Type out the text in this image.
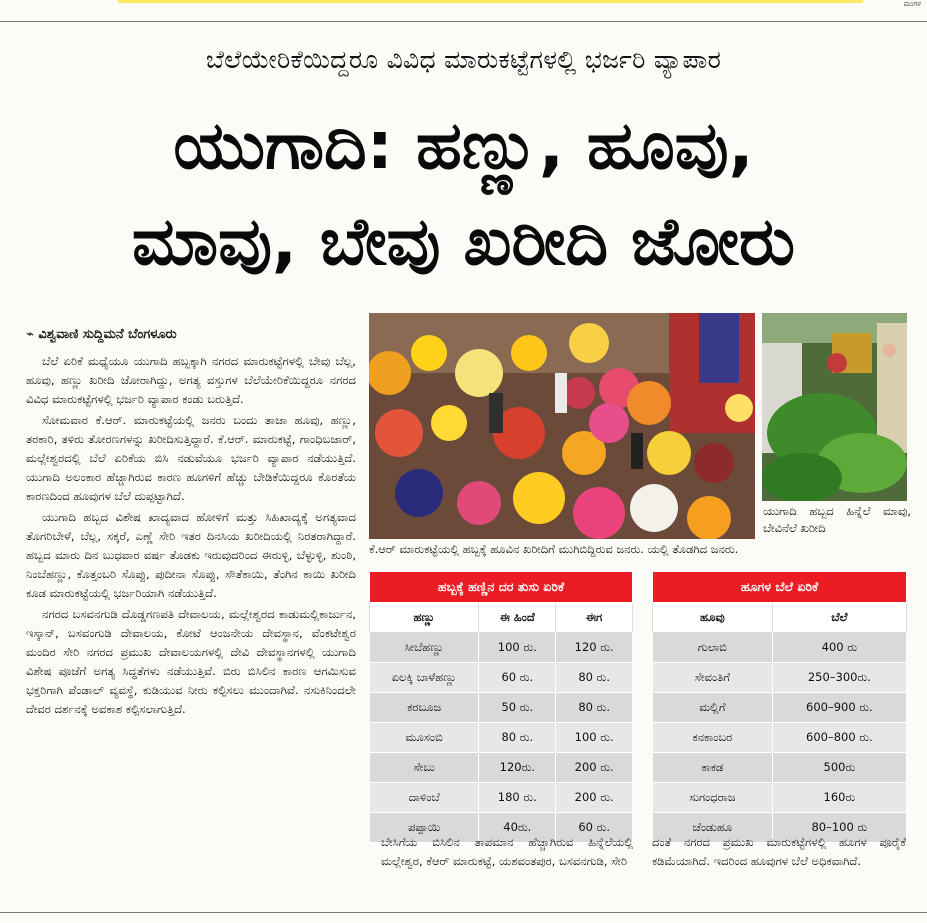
ಮಂಗಳ
ಬೆಲೆಯೇರಿಕೆಯಿದ್ದರೂ ವಿವಿಧ ಮಾರುಕಟ್ಟೆಗಳಲ್ಲಿ ಭರ್ಜರಿ ವ್ಯಾಪಾರ
ಯುಗಾದಿ: ಹಣ್ಣು, ಹೂವು,
ಮಾವು, ಬೇವು ಖರೀದಿ ಜೋರು
⌁ ವಿಶ್ವವಾಣಿ ಸುದ್ದಿಮನೆ ಬೆಂಗಳೂರು

ಬೆಲೆ ಏರಿಕೆ ಮಧ್ಯೆಯೂ ಯುಗಾದಿ ಹಬ್ಬಕ್ಕಾಗಿ ನಗರದ ಮಾರುಕಟ್ಟೆಗಳಲ್ಲಿ ಬೇವು ಬೆಲ್ಲ, ಹೂವು, ಹಣ್ಣು ಖರೀದಿ ಜೋರಾಗಿದ್ದು, ಅಗತ್ಯ ವಸ್ತುಗಳ ಬೆಲೆಯೇರಿಕೆಯಿದ್ದರೂ ನಗರದ ವಿವಿಧ ಮಾರುಕಟ್ಟೆಗಳಲ್ಲಿ ಭರ್ಜರಿ ವ್ಯಾಪಾರ ಕಂಡು ಬರುತ್ತಿದೆ.

ಸೋಮವಾರ ಕೆ.ಆರ್. ಮಾರುಕಟ್ಟೆಯಲ್ಲಿ ಜನರು ಬಂದು ತಾಜಾ ಹೂವು, ಹಣ್ಣು, ತರಕಾರಿ, ತಳಿರು ತೋರಣಗಳನ್ನು ಖರೀದಿಸುತ್ತಿದ್ದಾರೆ. ಕೆ.ಆರ್. ಮಾರುಕಟ್ಟೆ, ಗಾಂಧಿಬಜಾರ್, ಮಲ್ಲೇಶ್ವರದಲ್ಲಿ ಬೆಲೆ ಏರಿಕೆಯ ಬಿಸಿ ನಡುವೆಯೂ ಭರ್ಜರಿ ವ್ಯಾಪಾರ ನಡೆಯುತ್ತಿದೆ. ಯುಗಾದಿ ಅಲಂಕಾರ ಹೆಚ್ಚಾಗಿರುವ ಕಾರಣ ಹೂಗಳಿಗೆ ಹೆಚ್ಚು ಬೇಡಿಕೆಯಿದ್ದರೂ ಕೊರತೆಯ ಕಾರಣದಿಂದ ಹೂವುಗಳ ಬೆಲೆ ದುಪ್ಪಟ್ಟಾಗಿದೆ.

ಯುಗಾದಿ ಹಬ್ಬದ ವಿಶೇಷ ಖಾದ್ಯವಾದ ಹೋಳಿಗೆ ಮತ್ತು ಸಿಹಿಖಾದ್ಯಕ್ಕೆ ಅಗತ್ಯವಾದ ತೊಗರಿಬೇಳೆ, ಬೆಲ್ಲ, ಸಕ್ಕರೆ, ಎಣ್ಣೆ ಸೇರಿ ಇತರ ದಿನಸಿಯ ಖರೀದಿಯಲ್ಲಿ ನಿರತರಾಗಿದ್ದಾರೆ. ಹಬ್ಬದ ಮಾರು ದಿನ ಬುಧವಾರ ವರ್ಷ ತೊಡಕು ಇರುವುದರಿಂದ ಈರುಳ್ಳಿ, ಬೆಳ್ಳುಳ್ಳಿ, ಶುಂಠಿ, ನಿಂಬೆಹಣ್ಣು, ಕೊತ್ತಂಬರಿ ಸೊಪ್ಪು, ಪುದೀನಾ ಸೊಪ್ಪು, ಸೌತೆಕಾಯಿ, ತೆಂಗಿನ ಕಾಯಿ ಖರೀದಿ ಕೂಡ ಮಾರುಕಟ್ಟೆಯಲ್ಲಿ ಭರ್ಜರಿಯಾಗಿ ನಡೆಯುತ್ತಿದೆ.

ನಗರದ ಬಸವನಗುಡಿ ದೊಡ್ಡಗಣಪತಿ ದೇವಾಲಯ, ಮಲ್ಲೇಶ್ವರದ ಕಾಡುಮಲ್ಲಿಕಾರ್ಜುನ, ಇಸ್ಕಾನ್, ಬಸವಂಗುಡಿ ದೇವಾಲಯ, ಕೋಟೆ ಆಂಜನೇಯ ದೇವಸ್ಥಾನ, ವೆಂಕಟೇಶ್ವರ ಮಂದಿರ ಸೇರಿ ನಗರದ ಪ್ರಮುಖ ದೇವಾಲಯಗಳಲ್ಲಿ ದೇವಿ ದೇವಸ್ಥಾನಗಳಲ್ಲಿ ಯುಗಾದಿ ವಿಶೇಷ ಪೂಜೆಗೆ ಅಗತ್ಯ ಸಿದ್ಧತೆಗಳು ನಡೆಯುತ್ತಿವೆ. ಬಿರು ಬಿಸಿಲಿನ ಕಾರಣ ಆಗಮಿಸುವ ಭಕ್ತರಿಗಾಗಿ ಪೆಂಡಾಲ್ ವ್ಯವಸ್ಥೆ, ಕುಡಿಯುವ ನೀರು ಕಲ್ಪಿಸಲು ಮುಂದಾಗಿವೆ. ನಸುಕಿನಿಂದಲೇ ದೇವರ ದರ್ಶನಕ್ಕೆ ಅವಕಾಶ ಕಲ್ಪಿಸಲಾಗುತ್ತಿದೆ.

ಯುಗಾದಿ ಹಬ್ಬದ ಹಿನ್ನೆಲೆ ಮಾವು, ಬೇವಿನೆಲೆ ಖರೀದಿ
ಕೆ.ಆರ್ ಮಾರುಕಟ್ಟೆಯಲ್ಲಿ ಹಬ್ಬಕ್ಕೆ ಹೂವಿನ ಖರೀದಿಗೆ ಮುಗಿಬಿದ್ದಿರುವ ಜನರು. ಯಲ್ಲಿ ತೊಡಗಿದ ಜನರು.
ಹಬ್ಬಕ್ಕೆ ಹಣ್ಣಿನ ದರ ತುಸು ಏರಿಕೆ		
ಹಣ್ಣು	ಈ ಹಿಂದೆ	ಈಗ
ಸೀಬೆಹಣ್ಣು	100 ರು.	120 ರು.
ಏಲಕ್ಕಿ ಬಾಳೆಹಣ್ಣು	60 ರು.	80 ರು.
ಕರಬೂಜ	50 ರು.	80 ರು.
ಮೂಸಂಬಿ	80 ರು.	100 ರು.
ಸೇಬು	120ರು.	200 ರು.
ದಾಳಿಂಬೆ	180 ರು.	200 ರು.
ಪಪ್ಪಾಯಿ	40ರು.	60 ರು.
ಹೂಗಳ ಬೆಲೆ ಏರಿಕೆ	
ಹೂವು	ಬೆಲೆ
ಗುಲಾಬಿ	400 ರು
ಸೇವಂತಿಗೆ	250–300ರು.
ಮಲ್ಲಿಗೆ	600–900 ರು.
ಕನಕಾಂಬರ	600–800 ರು.
ಕಾಕಡ	500ರು
ಸುಗಂಧರಾಜ	160ರು
ಚೆಂಡುಹೂ	80–100 ರು
ಬೇಸಿಗೆಯ ಬಿಸಿಲಿನ ತಾಪಮಾನ ಹೆಚ್ಚಾಗಿರುವ ಹಿನ್ನೆಲೆಯಲ್ಲಿ ಮಲ್ಲೇಶ್ವರ, ಕೆಆರ್ ಮಾರುಕಟ್ಟೆ, ಯಶವಂತಪುರ, ಬಸವನಗುಡಿ, ಸೇರಿ
ದಂತೆ ನಗರದ ಪ್ರಮುಖ ಮಾರುಕಟ್ಟೆಗಳಲ್ಲಿ ಹೂಗಳ ಪೂರೈಕೆ ಕಡಿಮೆಯಾಗಿದೆ. ಇದರಿಂದ ಹೂವುಗಳ ಬೆಲೆ ಅಧಿಕವಾಗಿದೆ.
